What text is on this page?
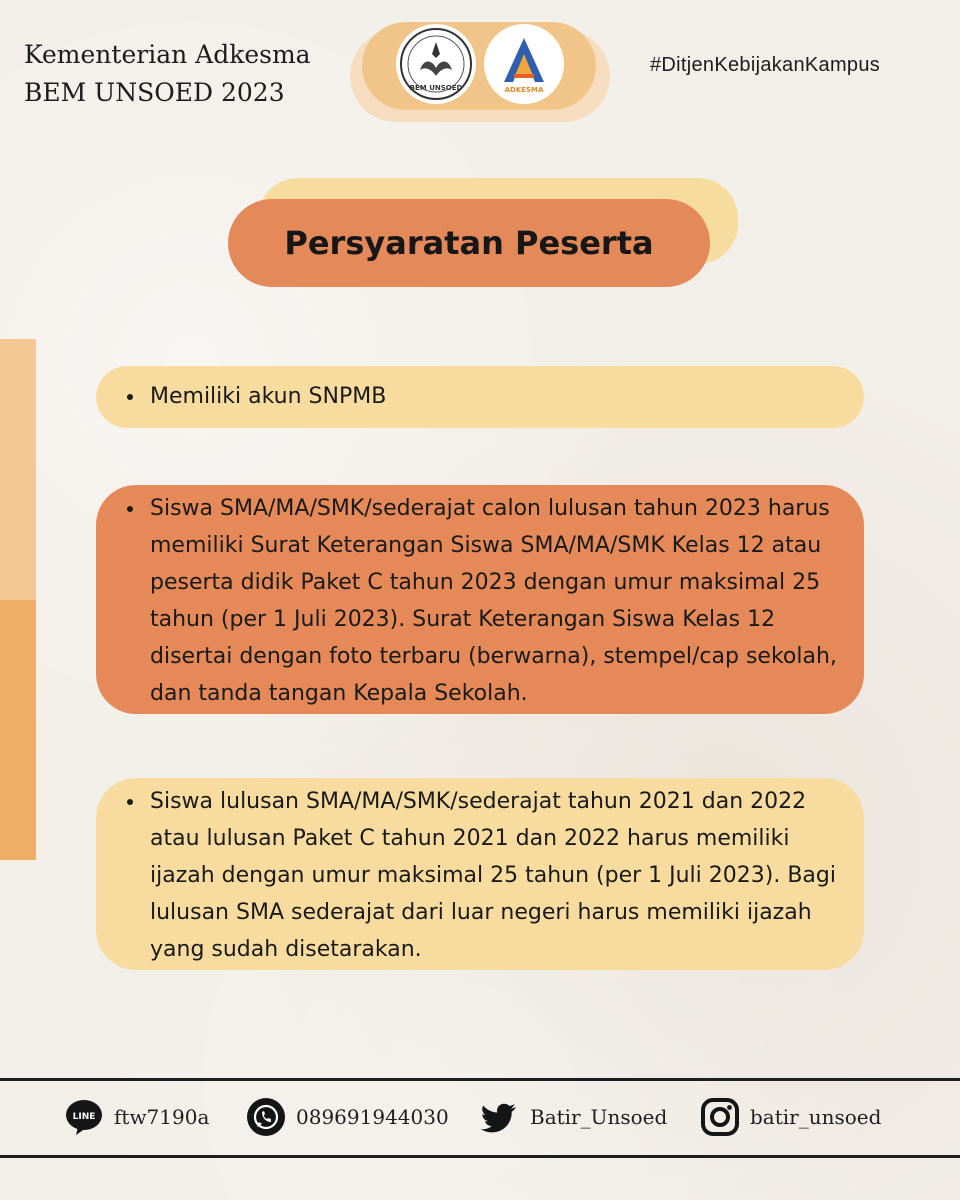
Kementerian Adkesma
BEM UNSOED 2023	BEM UNSOED	ADKESMA
#DitjenKebijakanKampus
Persyaratan Peserta
• Memiliki akun SNPMB
• Siswa SMA/MA/SMK/sederajat calon lulusan tahun 2023 harus memiliki Surat Keterangan Siswa SMA/MA/SMK Kelas 12 atau peserta didik Paket C tahun 2023 dengan umur maksimal 25 tahun (per 1 Juli 2023). Surat Keterangan Siswa Kelas 12 disertai dengan foto terbaru (berwarna), stempel/cap sekolah, dan tanda tangan Kepala Sekolah.
• Siswa lulusan SMA/MA/SMK/sederajat tahun 2021 dan 2022 atau lulusan Paket C tahun 2021 dan 2022 harus memiliki ijazah dengan umur maksimal 25 tahun (per 1 Juli 2023). Bagi lulusan SMA sederajat dari luar negeri harus memiliki ijazah yang sudah disetarakan.
LINE ftw7190a	089691944030	Batir_Unsoed	batir_unsoed
